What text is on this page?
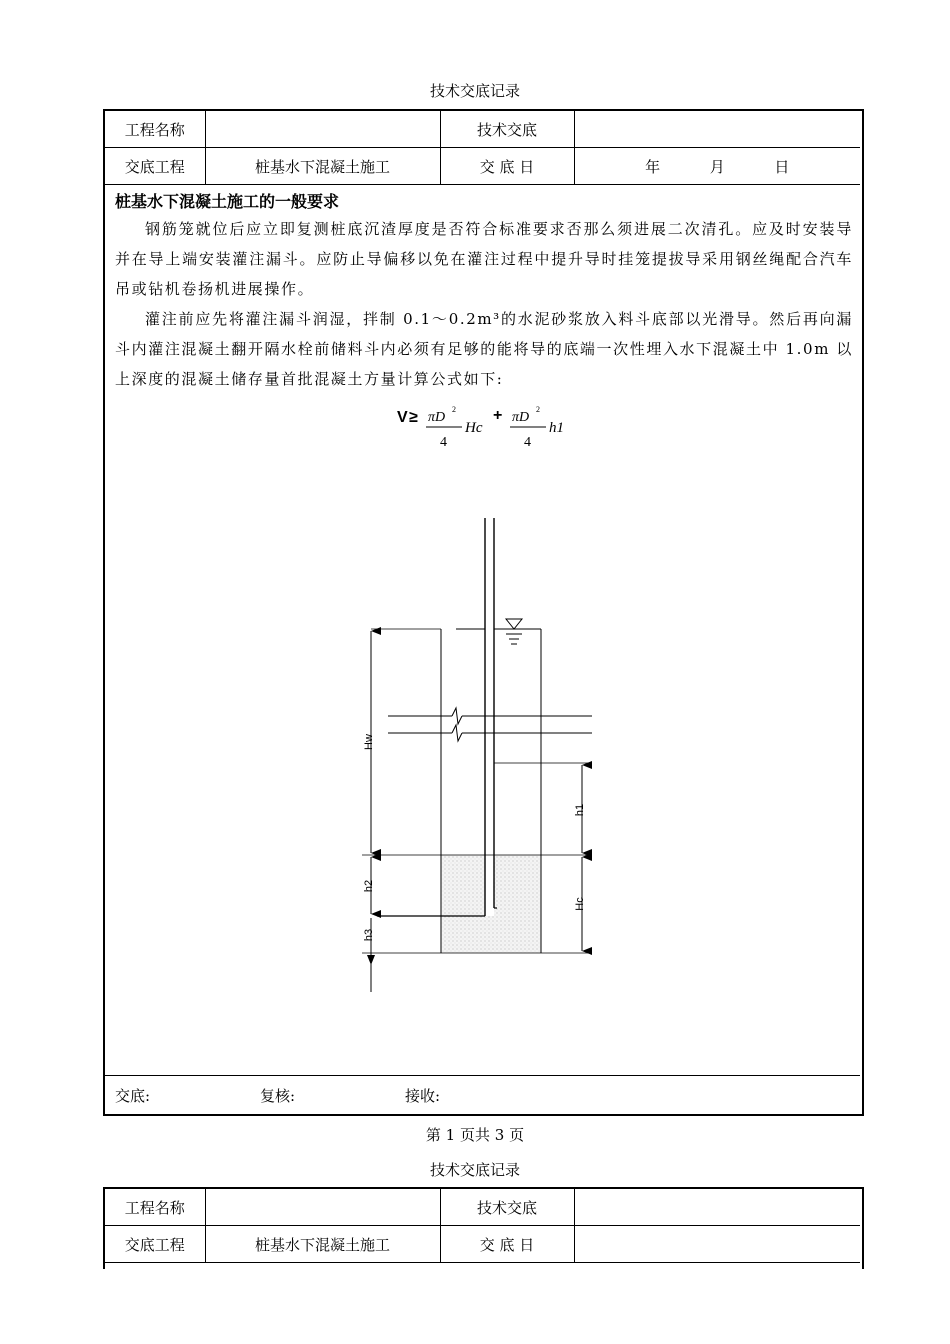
技术交底记录
工程名称		技术交底	
交底工程	桩基水下混凝土施工	交 底 日	年 月 日

桩基水下混凝土施工的一般要求

钢筋笼就位后应立即复测桩底沉渣厚度是否符合标准要求否那么须进展二次清孔。应及时安装导并在导上端安装灌注漏斗。应防止导偏移以免在灌注过程中提升导时挂笼提拔导采用钢丝绳配合汽车吊或钻机卷扬机进展操作。

灌注前应先将灌注漏斗润湿，拌制 0.1～0.2m³的水泥砂浆放入料斗底部以光滑导。然后再向漏斗内灌注混凝土翻开隔水栓前储料斗内必须有足够的能将导的底端一次性埋入水下混凝土中 1.0m 以上深度的混凝土储存量首批混凝土方量计算公式如下:

V ≥ πD
2
4
Hc
+ πD
2
4
h1
Hw
h2
h3
h1
Hc
交底:	复核:	接收:
第 1 页共 3 页
技术交底记录
工程名称		技术交底	
交底工程	桩基水下混凝土施工	交 底 日	
